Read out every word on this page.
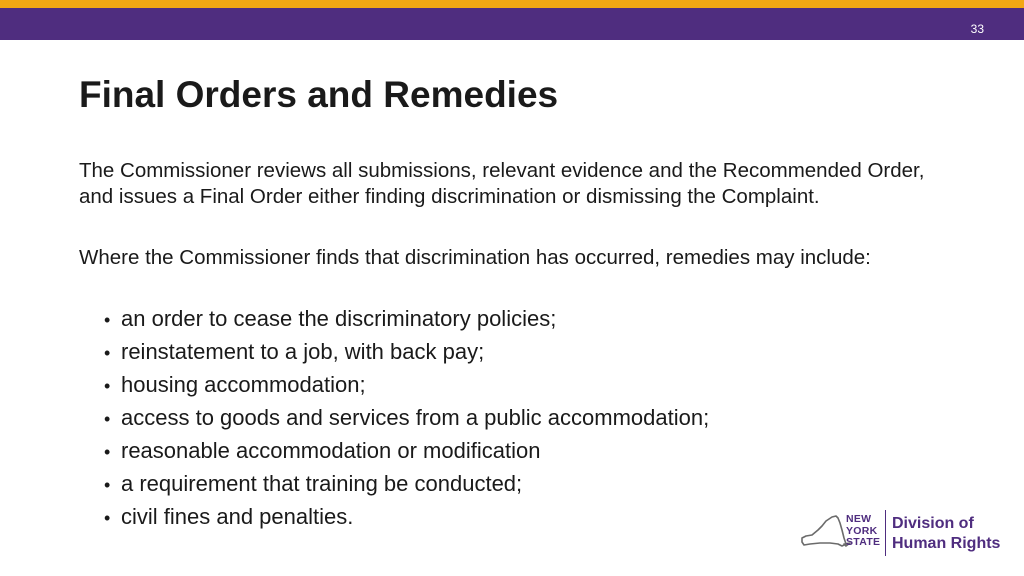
33
Final Orders and Remedies

The Commissioner reviews all submissions, relevant evidence and the Recommended Order, and issues a Final Order either finding discrimination or dismissing the Complaint.

Where the Commissioner finds that discrimination has occurred, remedies may include:

• an order to cease the discriminatory policies;
• reinstatement to a job, with back pay;
• housing accommodation;
• access to goods and services from a public accommodation;
• reasonable accommodation or modification
• a requirement that training be conducted;
• civil fines and penalties.	NEW
YORK
STATE
Division of
Human Rights
